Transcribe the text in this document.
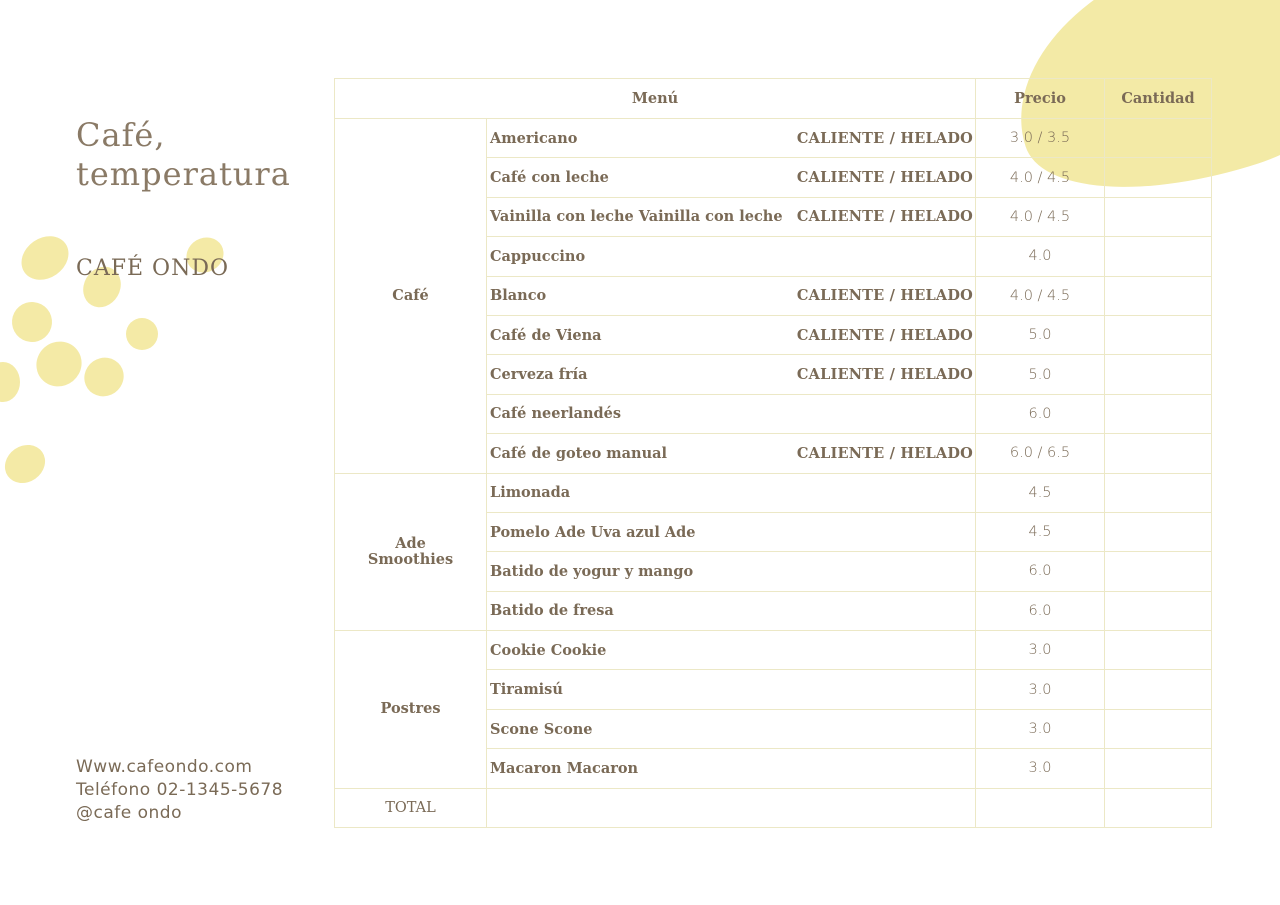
Café,
temperatura
CAFÉ ONDO
Www.cafeondo.com
Teléfono 02-1345-5678
@cafe ondo
Menú		Precio	Cantidad
Café	Americano CALIENTE / HELADO	3.0 / 3.5	

	Café con leche CALIENTE / HELADO	4.0 / 4.5	

	Vainilla con leche Vainilla con leche CALIENTE / HELADO	4.0 / 4.5	

	Cappuccino	4.0	

	Blanco CALIENTE / HELADO	4.0 / 4.5	

	Café de Viena CALIENTE / HELADO	5.0	

	Cerveza fría CALIENTE / HELADO	5.0	

	Café neerlandés	6.0	

	Café de goteo manual CALIENTE / HELADO	6.0 / 6.5	

Ade
Smoothies	Limonada	4.5	

	Pomelo Ade Uva azul Ade	4.5	

	Batido de yogur y mango	6.0	

	Batido de fresa	6.0	
Postres	Cookie Cookie	3.0	

	Tiramisú	3.0	

	Scone Scone	3.0	

	Macaron Macaron	3.0	
TOTAL			
